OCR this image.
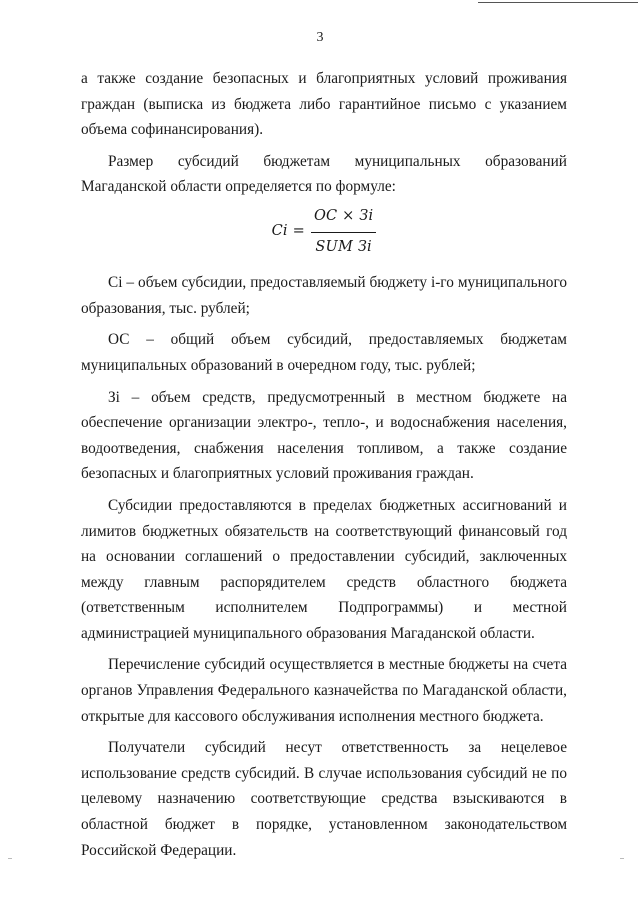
3

а также создание безопасных и благоприятных условий проживания граждан (выписка из бюджета либо гарантийное письмо с указанием объема софинансирования).

Размер субсидий бюджетам муниципальных образований Магаданской области определяется по формуле:

$Ci = \frac{ОС \times Зi}{\text{SUM Зi}}$

Ci – объем субсидии, предоставляемый бюджету i-го муниципального образования, тыс. рублей;

ОС – общий объем субсидий, предоставляемых бюджетам муниципальных образований в очередном году, тыс. рублей;

Зi – объем средств, предусмотренный в местном бюджете на обеспечение организации электро-, тепло-, и водоснабжения населения, водоотведения, снабжения населения топливом, а также создание безопасных и благоприятных условий проживания граждан.

Субсидии предоставляются в пределах бюджетных ассигнований и лимитов бюджетных обязательств на соответствующий финансовый год на основании соглашений о предоставлении субсидий, заключенных между главным распорядителем средств областного бюджета (ответственным исполнителем Подпрограммы) и местной администрацией муниципального образования Магаданской области.

Перечисление субсидий осуществляется в местные бюджеты на счета органов Управления Федерального казначейства по Магаданской области, открытые для кассового обслуживания исполнения местного бюджета.

Получатели субсидий несут ответственность за нецелевое использование средств субсидий. В случае использования субсидий не по целевому назначению соответствующие средства взыскиваются в областной бюджет в порядке, установленном законодательством Российской Федерации.
